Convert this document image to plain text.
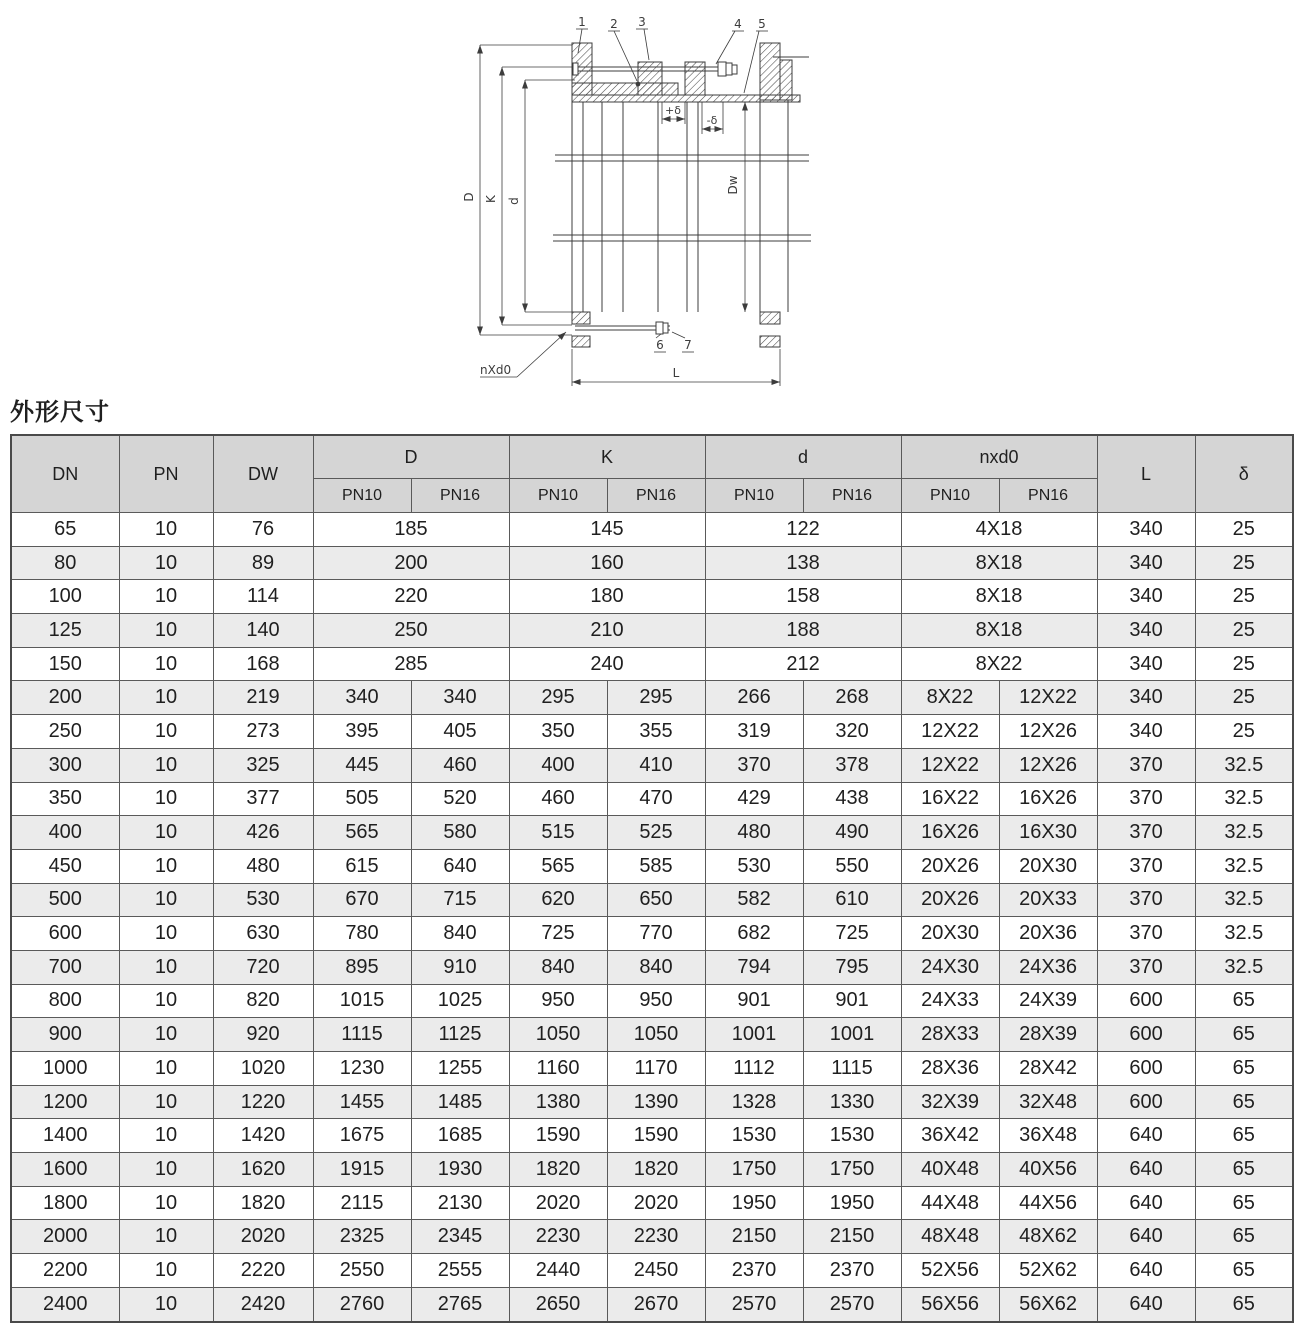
D K d
Dw
+δ
-δ
L
nXd0
1 2 3	4 5
6 7
外形尺寸
DN	PN	DW	D		K		d		nxd0		L	δ
			PN10	PN16	PN10	PN16	PN10	PN16	PN10	PN16		
65	10	76	185		145		122		4X18		340	25
80	10	89	200		160		138		8X18		340	25
100	10	114	220		180		158		8X18		340	25
125	10	140	250		210		188		8X18		340	25
150	10	168	285		240		212		8X22		340	25
200	10	219	340	340	295	295	266	268	8X22	12X22	340	25
250	10	273	395	405	350	355	319	320	12X22	12X26	340	25
300	10	325	445	460	400	410	370	378	12X22	12X26	370	32.5
350	10	377	505	520	460	470	429	438	16X22	16X26	370	32.5
400	10	426	565	580	515	525	480	490	16X26	16X30	370	32.5
450	10	480	615	640	565	585	530	550	20X26	20X30	370	32.5
500	10	530	670	715	620	650	582	610	20X26	20X33	370	32.5
600	10	630	780	840	725	770	682	725	20X30	20X36	370	32.5
700	10	720	895	910	840	840	794	795	24X30	24X36	370	32.5
800	10	820	1015	1025	950	950	901	901	24X33	24X39	600	65
900	10	920	1115	1125	1050	1050	1001	1001	28X33	28X39	600	65
1000	10	1020	1230	1255	1160	1170	1112	1115	28X36	28X42	600	65
1200	10	1220	1455	1485	1380	1390	1328	1330	32X39	32X48	600	65
1400	10	1420	1675	1685	1590	1590	1530	1530	36X42	36X48	640	65
1600	10	1620	1915	1930	1820	1820	1750	1750	40X48	40X56	640	65
1800	10	1820	2115	2130	2020	2020	1950	1950	44X48	44X56	640	65
2000	10	2020	2325	2345	2230	2230	2150	2150	48X48	48X62	640	65
2200	10	2220	2550	2555	2440	2450	2370	2370	52X56	52X62	640	65
2400	10	2420	2760	2765	2650	2670	2570	2570	56X56	56X62	640	65
